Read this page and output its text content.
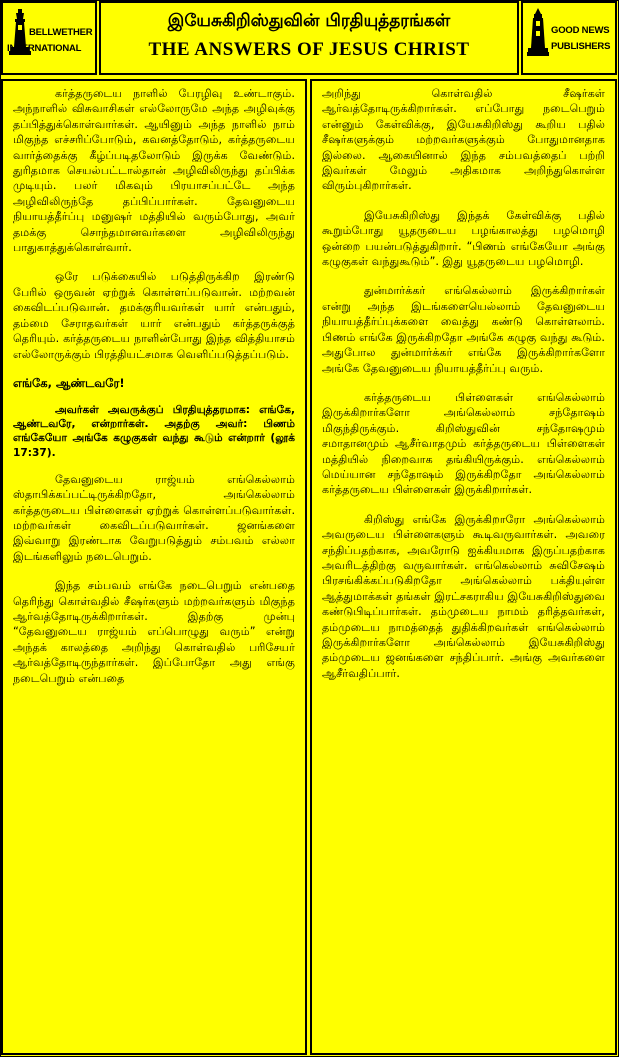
BELLWETHER
INTERNATIONAL
இயேசுகிறிஸ்துவின் பிரதியுத்தரங்கள்
THE ANSWERS OF JESUS CHRIST
GOOD NEWS
PUBLISHERS

கர்த்தருடைய நாளில் பேரழிவு உண்டாகும். அந்நாளில் விசுவாசிகள் எல்லோருமே அந்த அழிவுக்கு தப்பித்துக்கொள்வார்கள். ஆயினும் அந்த நாளில் நாம் மிகுந்த எச்சரிப்போடும், கவனத்தோடும், கர்த்தருடைய வார்த்தைக்கு கீழ்ப்படிதலோடும் இருக்க வேண்டும். துரிதமாக செயல்பட்டால்தான் அழிவிலிருந்து தப்பிக்க முடியும். பலர் மிகவும் பிரயாசப்பட்டே அந்த அழிவிலிருந்தே தப்பிப்பார்கள். தேவனுடைய நியாயத்தீர்ப்பு மனுஷர் மத்தியில் வரும்போது, அவர் தமக்கு சொந்தமானவர்களை அழிவிலிருந்து பாதுகாத்துக்கொள்வார்.

ஒரே படுக்கையில் படுத்திருக்கிற இரண்டு பேரில் ஒருவன் ஏற்றுக் கொள்ளப்படுவான். மற்றவன் கைவிடப்படுவான். தமக்குரியவர்கள் யார் என்பதும், தம்மை சேராதவர்கள் யார் என்பதும் கர்த்தருக்குத் தெரியும். கர்த்தருடைய நாளின்போது இந்த வித்தியாசம் எல்லோருக்கும் பிரத்தியட்சமாக வெளிப்படுத்தப்படும்.

எங்கே, ஆண்டவரே!
அவர்கள் அவருக்குப் பிரதியுத்தரமாக: எங்கே, ஆண்டவரே, என்றார்கள். அதற்கு அவர்: பிணம் எங்கேயோ அங்கே கழுகுகள் வந்து கூடும் என்றார் (லூக் 17:37).

தேவனுடைய ராஜ்யம் எங்கெல்லாம் ஸ்தாபிக்கப்பட்டிருக்கிறதோ, அங்கெல்லாம் கர்த்தருடைய பிள்ளைகள் ஏற்றுக் கொள்ளப்படுவார்கள். மற்றவர்கள் கைவிடப்படுவார்கள். ஜனங்களை இவ்வாறு இரண்டாக வேறுபடுத்தும் சம்பவம் எல்லா இடங்களிலும் நடைபெறும்.

இந்த சம்பவம் எங்கே நடைபெறும் என்பதை தெரிந்து கொள்வதில் சீஷர்களும் மற்றவர்களும் மிகுந்த ஆர்வத்தோடிருக்கிறார்கள். இதற்கு முன்பு “தேவனுடைய ராஜ்யம் எப்பொழுது வரும்” என்று அந்தக் காலத்தை அறிந்து கொள்வதில் பரிசேயர் ஆர்வத்தோடிருந்தார்கள். இப்போதோ அது எங்கு நடைபெறும் என்பதை

அறிந்து கொள்வதில் சீஷர்கள் ஆர்வத்தோடிருக்கிறார்கள். எப்போது நடைபெறும் என்னும் கேள்விக்கு, இயேசுகிறிஸ்து கூறிய பதில் சீஷர்களுக்கும் மற்றவர்களுக்கும் போதுமானதாக இல்லை. ஆகையினால் இந்த சம்பவத்தைப் பற்றி இவர்கள் மேலும் அதிகமாக அறிந்துகொள்ள விரும்புகிறார்கள்.

இயேசுகிறிஸ்து இந்தக் கேள்விக்கு பதில் கூறும்போது யூதருடைய பழங்காலத்து பழமொழி ஒன்றை பயன்படுத்துகிறார். “பிணம் எங்கேயோ அங்கு கழுகுகள் வந்துகூடும்”. இது யூதருடைய பழமொழி.

துன்மார்க்கர் எங்கெல்லாம் இருக்கிறார்கள் என்று அந்த இடங்களையெல்லாம் தேவனுடைய நியாயத்தீர்ப்புக்களை வைத்து கண்டு கொள்ளலாம். பிணம் எங்கே இருக்கிறதோ அங்கே கழுகு வந்து கூடும். அதுபோல துன்மார்க்கர் எங்கே இருக்கிறார்களோ அங்கே தேவனுடைய நியாயத்தீர்ப்பு வரும்.

கர்த்தருடைய பிள்ளைகள் எங்கெல்லாம் இருக்கிறார்களோ அங்கெல்லாம் சந்தோஷம் மிகுந்திருக்கும். கிறிஸ்துவின் சந்தோஷமும் சமாதானமும் ஆசீர்வாதமும் கர்த்தருடைய பிள்ளைகள் மத்தியில் நிறைவாக தங்கியிருக்கும். எங்கெல்லாம் மெய்யான சந்தோஷம் இருக்கிறதோ அங்கெல்லாம் கர்த்தருடைய பிள்ளைகள் இருக்கிறார்கள்.

கிறிஸ்து எங்கே இருக்கிறாரோ அங்கெல்லாம் அவருடைய பிள்ளைகளும் கூடிவருவார்கள். அவரை சந்திப்பதற்காக, அவரோடு ஐக்கியமாக இருப்பதற்காக அவரிடத்திற்கு வருவார்கள். எங்கெல்லாம் சுவிசேஷம் பிரசங்கிக்கப்படுகிறதோ அங்கெல்லாம் பக்தியுள்ள ஆத்துமாக்கள் தங்கள் இரட்சகராகிய இயேசுகிறிஸ்துவை கண்டுபிடிப்பார்கள். தம்முடைய நாமம் தரித்தவர்கள், தம்முடைய நாமத்தைத் துதிக்கிறவர்கள் எங்கெல்லாம் இருக்கிறார்களோ அங்கெல்லாம் இயேசுகிறிஸ்து தம்முடைய ஜனங்களை சந்திப்பார். அங்கு அவர்களை ஆசீர்வதிப்பார்.
